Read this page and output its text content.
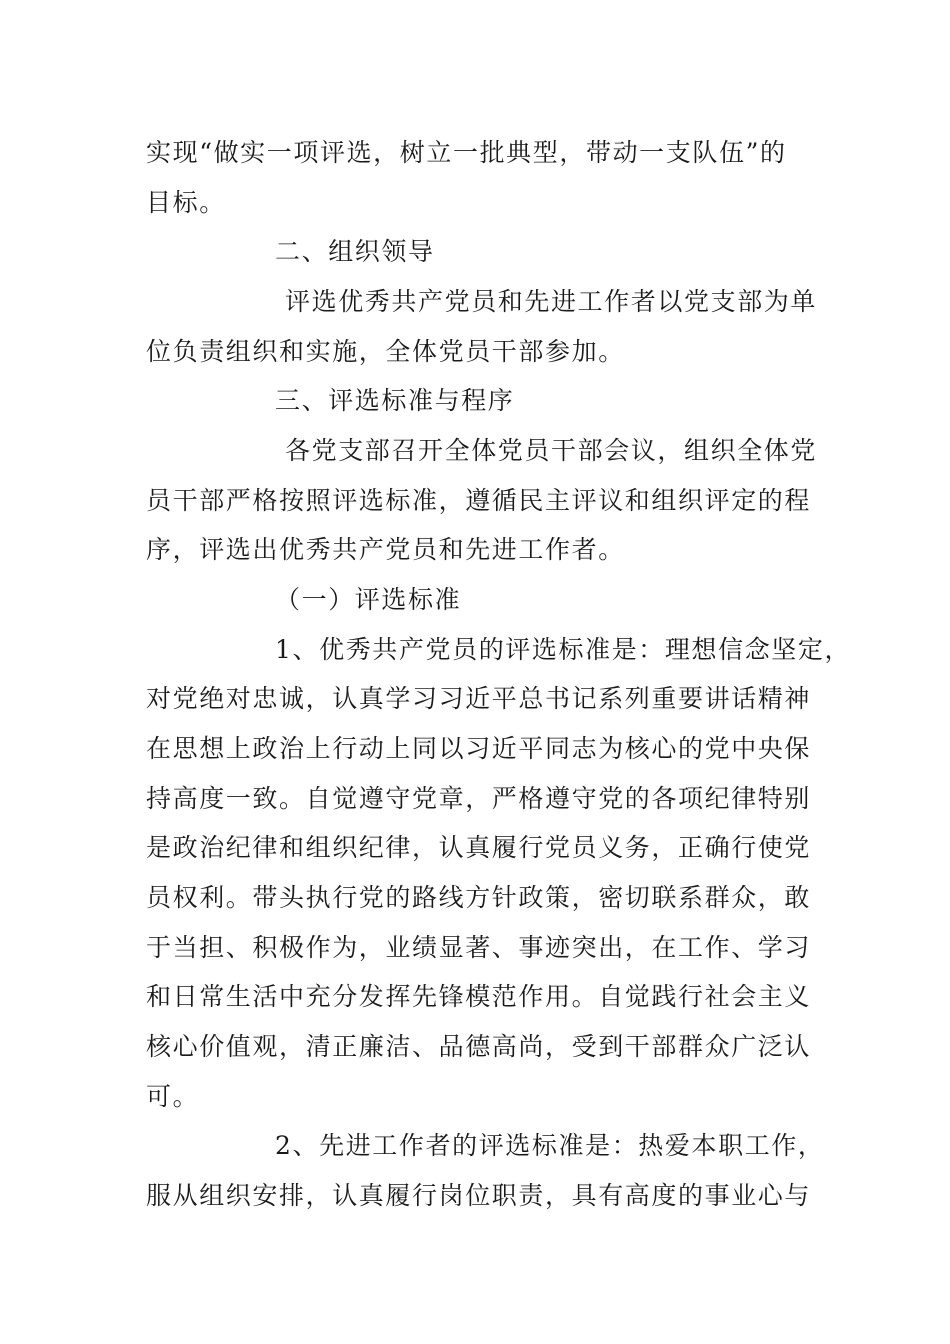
实现“做实一项评选，树立一批典型，带动一支队伍”的
目标。
二、组织领导
评选优秀共产党员和先进工作者以党支部为单
位负责组织和实施，全体党员干部参加。
三、评选标准与程序
各党支部召开全体党员干部会议，组织全体党
员干部严格按照评选标准，遵循民主评议和组织评定的程
序，评选出优秀共产党员和先进工作者。
（一）评选标准
1、优秀共产党员的评选标准是：理想信念坚定，
对党绝对忠诚，认真学习习近平总书记系列重要讲话精神
在思想上政治上行动上同以习近平同志为核心的党中央保
持高度一致。自觉遵守党章，严格遵守党的各项纪律特别
是政治纪律和组织纪律，认真履行党员义务，正确行使党
员权利。带头执行党的路线方针政策，密切联系群众，敢
于当担、积极作为，业绩显著、事迹突出，在工作、学习
和日常生活中充分发挥先锋模范作用。自觉践行社会主义
核心价值观，清正廉洁、品德高尚，受到干部群众广泛认
可。
2、先进工作者的评选标准是：热爱本职工作，
服从组织安排，认真履行岗位职责，具有高度的事业心与
